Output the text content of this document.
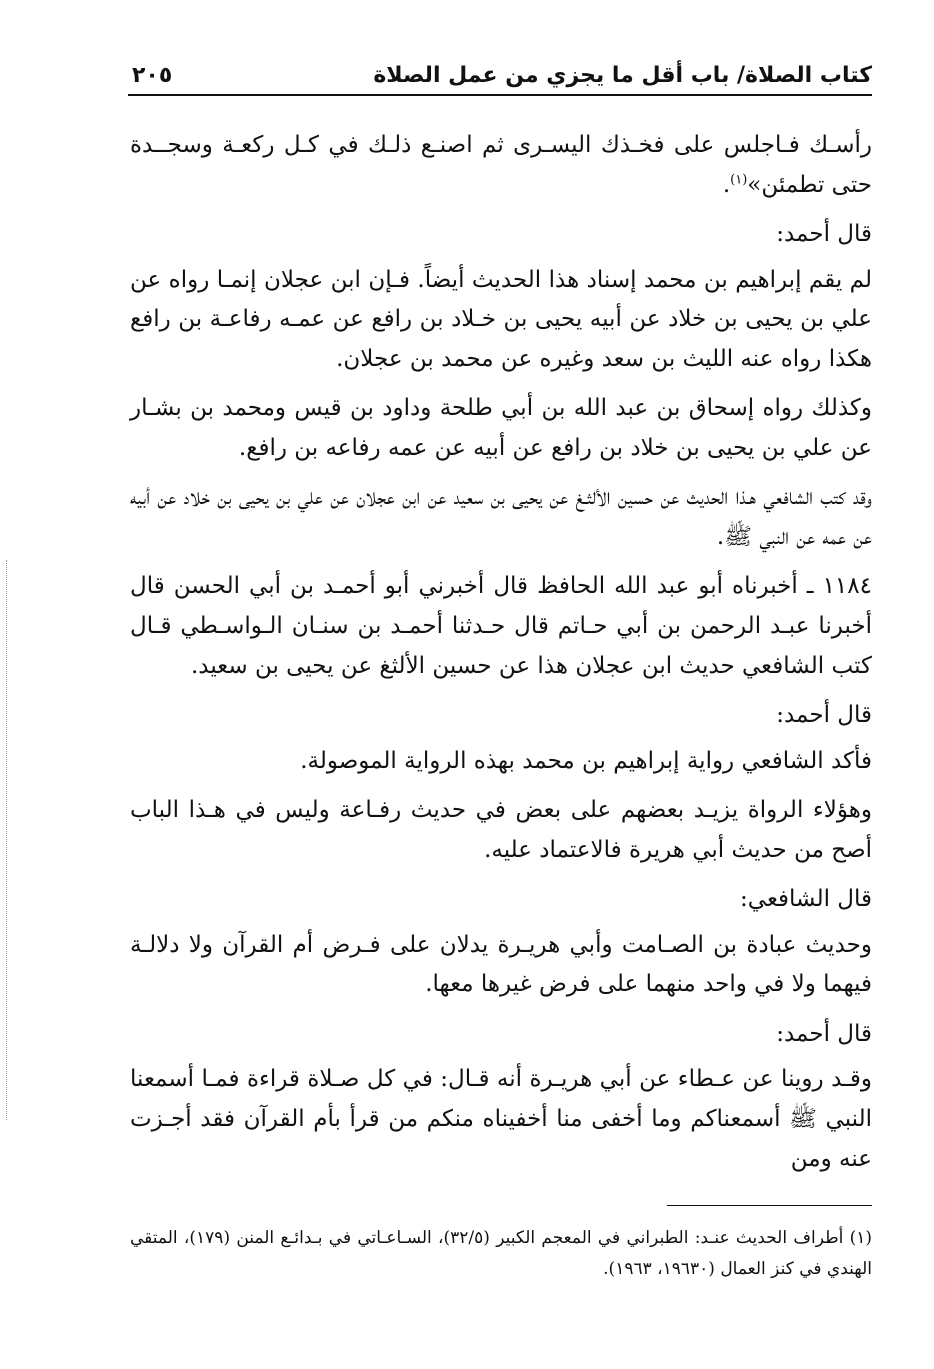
كتاب الصلاة/ باب أقل ما يجزي من عمل الصلاة
٢٠٥

رأسـك فـاجلس على فخـذك اليسـرى ثم اصنـع ذلـك في كـل ركعـة وسجــدة حتى تطمئن»$^{(١)}$.

قال أحمد:

لم يقم إبراهيم بن محمد إسناد هذا الحديث أيضاً. فـإن ابن عجلان إنمـا رواه عن علي بن يحيى بن خلاد عن أبيه يحيى بن خـلاد بن رافع عن عمـه رفاعـة بن رافع هكذا رواه عنه الليث بن سعد وغيره عن محمد بن عجلان.

وكذلك رواه إسحاق بن عبد الله بن أبي طلحة وداود بن قيس ومحمد بن بشـار عن علي بن يحيى بن خلاد بن رافع عن أبيه عن عمه رفاعه بن رافع.

وقد كتب الشافعي هـذا الحديث عن حسين الألثـغ عن يحيى بن سعيد عن ابن عجلان عن علي بن يحيى بن خلاد عن أبيه عن عمه عن النبي ﷺ.

١١٨٤ ـ أخبرناه أبو عبد الله الحافظ قال أخبرني أبو أحمـد بن أبي الحسن قال أخبرنا عبـد الرحمن بن أبي حـاتم قال حـدثنا أحمـد بن سنـان الـواسـطي قـال كتب الشافعي حديث ابن عجلان هذا عن حسين الألثغ عن يحيى بن سعيد.

قال أحمد:

فأكد الشافعي رواية إبراهيم بن محمد بهذه الرواية الموصولة.

وهؤلاء الرواة يزيـد بعضهم على بعض في حديث رفـاعة وليس في هـذا الباب أصح من حديث أبي هريرة فالاعتماد عليه.

قال الشافعي:

وحديث عبادة بن الصـامت وأبي هريـرة يدلان على فـرض أم القرآن ولا دلالـة فيهما ولا في واحد منهما على فرض غيرها معها.

قال أحمد:

وقـد روينا عن عـطاء عن أبي هريـرة أنه قـال: في كل صـلاة قراءة فمـا أسمعنا النبي ﷺ أسمعناكم وما أخفى منا أخفيناه منكم من قرأ بأم القرآن فقد أجـزت عنه ومن

(١) أطراف الحديث عنـد: الطبراني في المعجم الكبير (٣٢/٥)، السـاعـاتي في بـدائـع المنن (١٧٩)، المتقي الهندي في كنز العمال (١٩٦٣٠، ١٩٦٣).
